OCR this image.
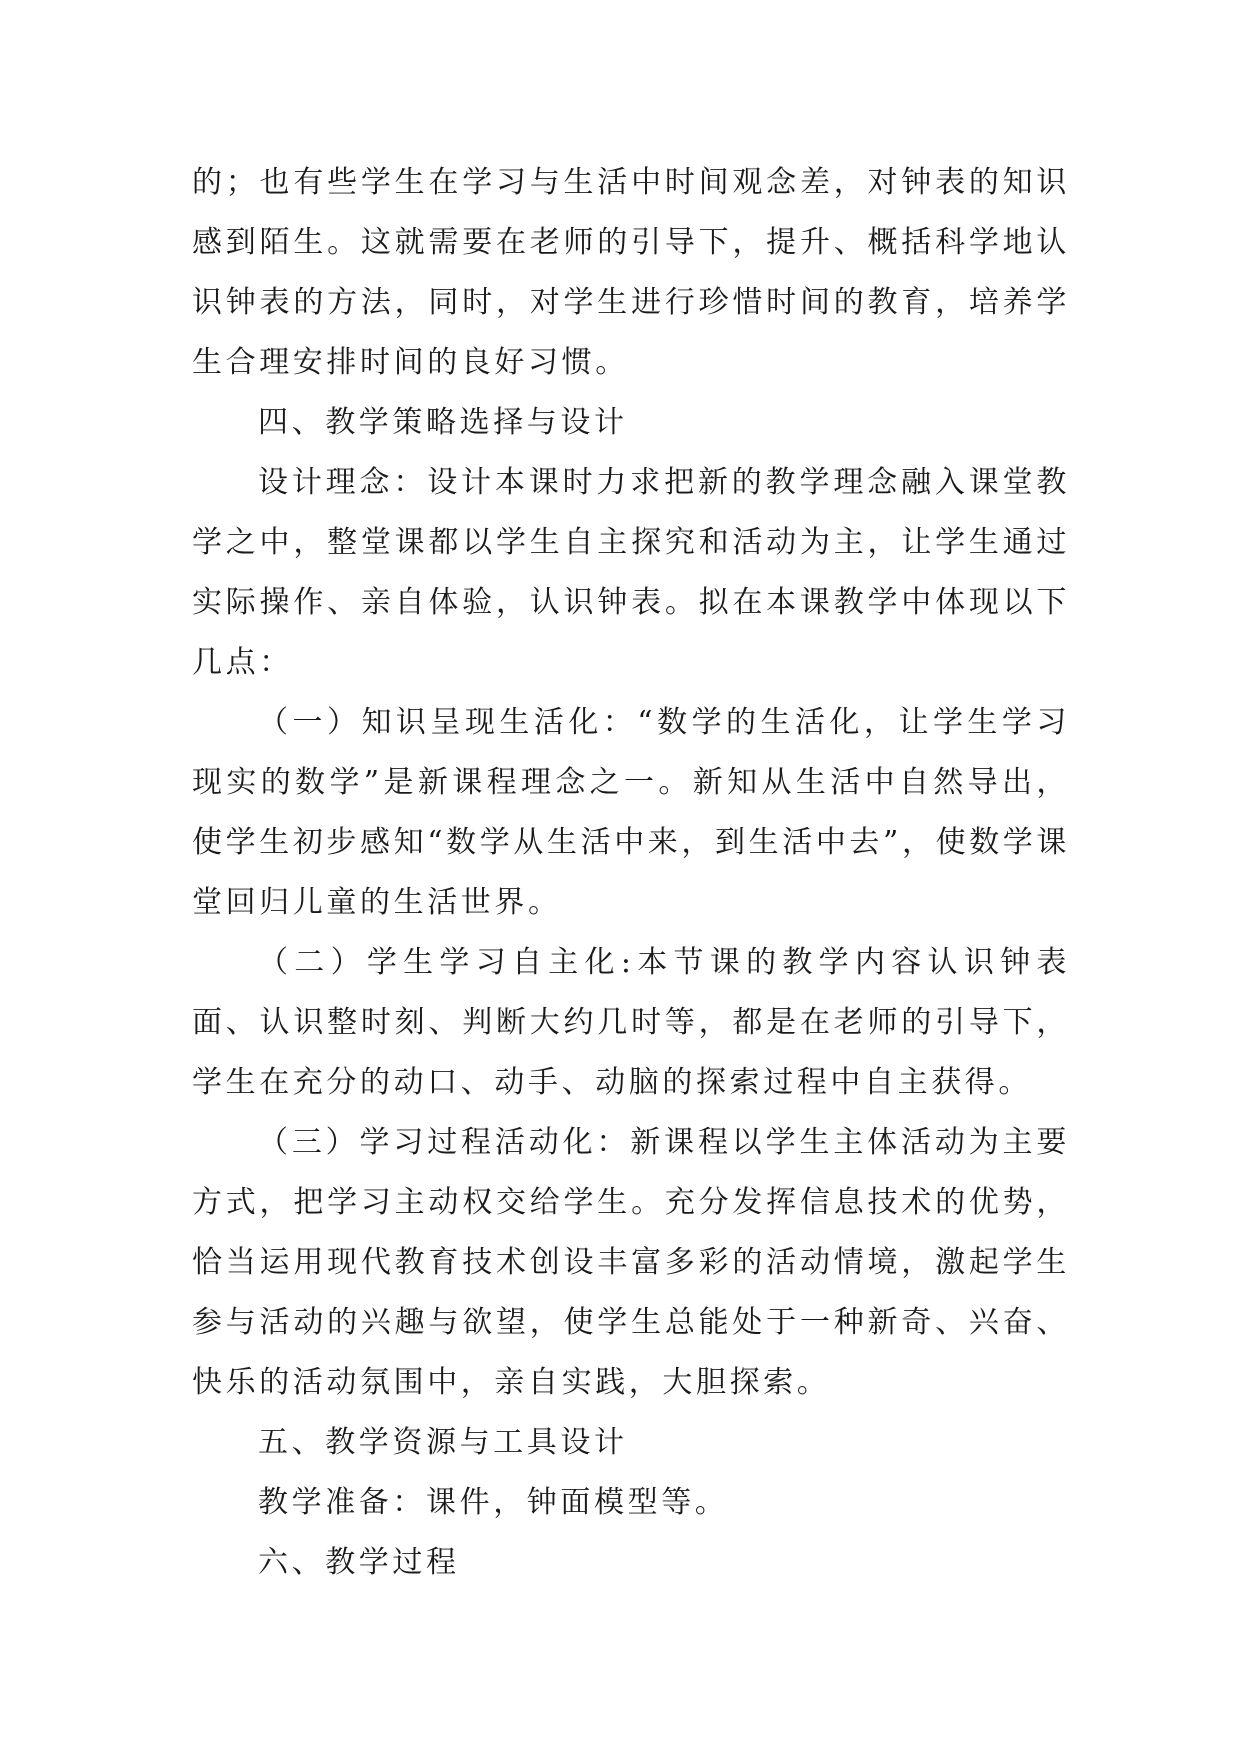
的；也有些学生在学习与生活中时间观念差，对钟表的知识感到陌生。这就需要在老师的引导下，提升、概括科学地认识钟表的方法，同时，对学生进行珍惜时间的教育，培养学生合理安排时间的良好习惯。

四、教学策略选择与设计

设计理念：设计本课时力求把新的教学理念融入课堂教学之中，整堂课都以学生自主探究和活动为主，让学生通过实际操作、亲自体验，认识钟表。拟在本课教学中体现以下几点：

（一）知识呈现生活化：“数学的生活化，让学生学习现实的数学”是新课程理念之一。新知从生活中自然导出，使学生初步感知“数学从生活中来，到生活中去”，使数学课堂回归儿童的生活世界。

（二）学生学习自主化:本节课的教学内容认识钟表面、认识整时刻、判断大约几时等，都是在老师的引导下，学生在充分的动口、动手、动脑的探索过程中自主获得。

（三）学习过程活动化：新课程以学生主体活动为主要方式，把学习主动权交给学生。充分发挥信息技术的优势，恰当运用现代教育技术创设丰富多彩的活动情境，激起学生参与活动的兴趣与欲望，使学生总能处于一种新奇、兴奋、快乐的活动氛围中，亲自实践，大胆探索。

五、教学资源与工具设计

教学准备：课件，钟面模型等。

六、教学过程
